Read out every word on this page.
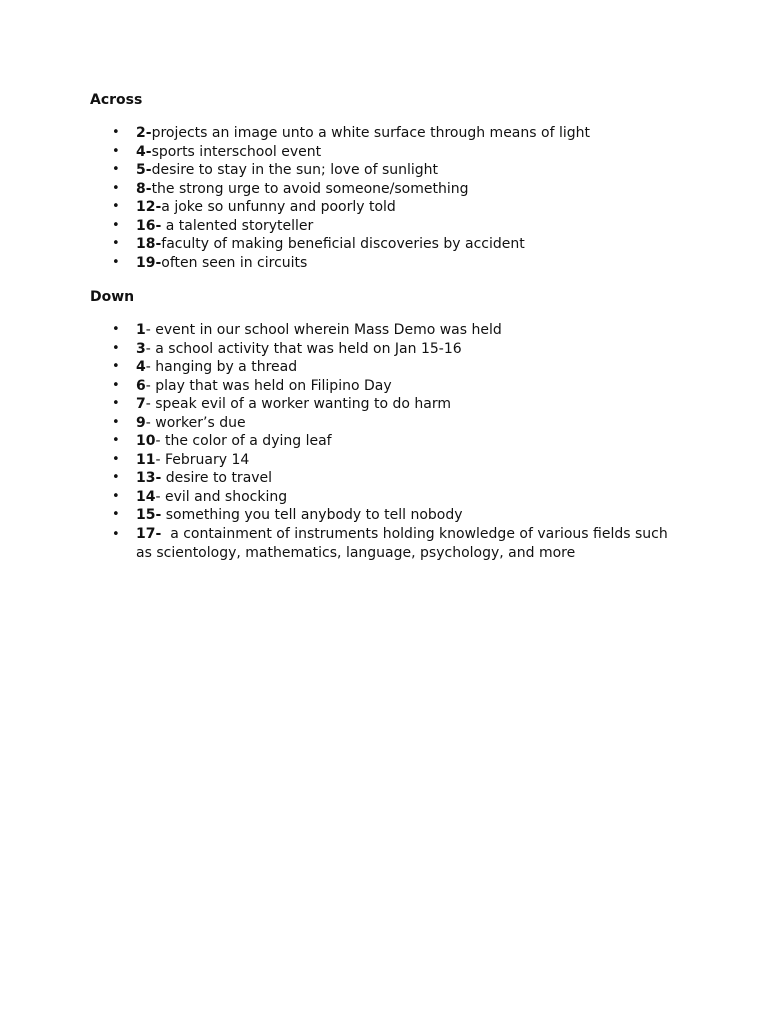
Across
• 2-projects an image unto a white surface through means of light
• 4-sports interschool event
• 5-desire to stay in the sun; love of sunlight
• 8-the strong urge to avoid someone/something
• 12-a joke so unfunny and poorly told
• 16- a talented storyteller
• 18-faculty of making beneficial discoveries by accident
• 19-often seen in circuits
Down
• 1- event in our school wherein Mass Demo was held
• 3- a school activity that was held on Jan 15-16
• 4- hanging by a thread
• 6- play that was held on Filipino Day
• 7- speak evil of a worker wanting to do harm
• 9- worker’s due
• 10- the color of a dying leaf
• 11- February 14
• 13- desire to travel
• 14- evil and shocking
• 15- something you tell anybody to tell nobody
• 17-  a containment of instruments holding knowledge of various fields such as scientology, mathematics, language, psychology, and more
